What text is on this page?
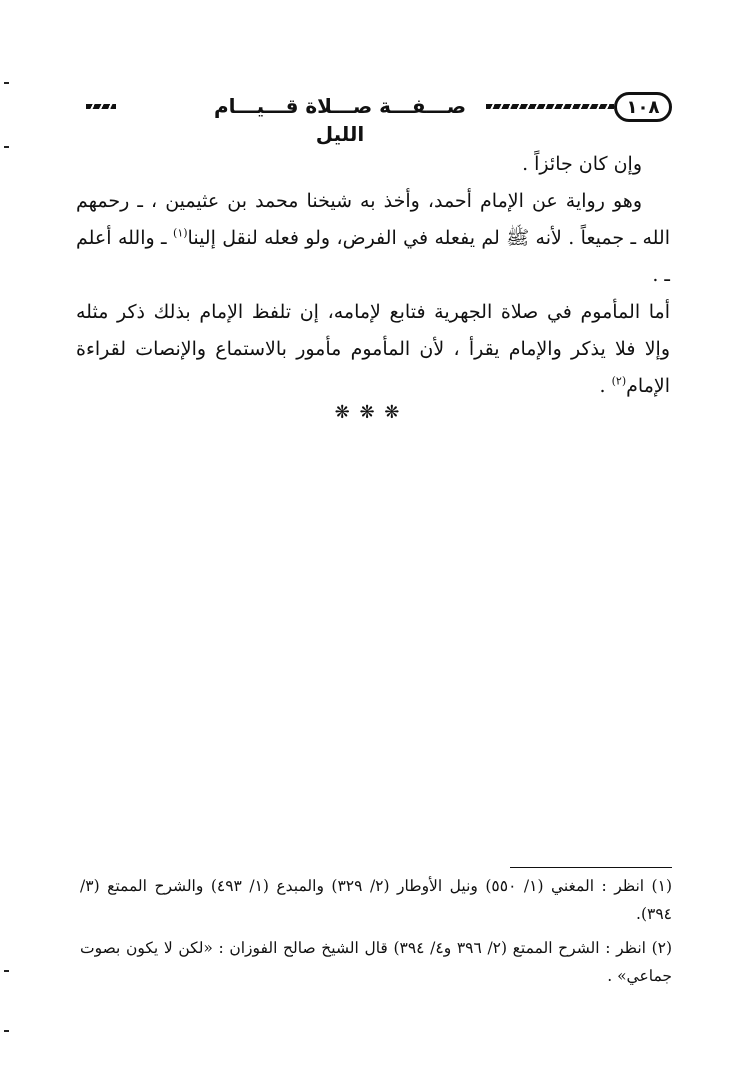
صـــفـــة صـــلاة قـــيـــام الليل
١٠٨

وإن كان جائزاً .

وهو رواية عن الإمام أحمد، وأخذ به شيخنا محمد بن عثيمين ، ـ رحمهم الله ـ جميعاً . لأنه ﷺ لم يفعله في الفرض، ولو فعله لنقل إلينا$^{(١)}$ ـ والله أعلم ـ .

أما المأموم في صلاة الجهرية فتابع لإمامه، إن تلفظ الإمام بذلك ذكر مثله وإلا فلا يذكر والإمام يقرأ ، لأن المأموم مأمور بالاستماع والإنصات لقراءة الإمام$^{(٢)}$ .

❋ ❋ ❋

(١) انظر : المغني (١/ ٥٥٠) ونيل الأوطار (٢/ ٣٢٩) والمبدع (١/ ٤٩٣) والشرح الممتع (٣/ ٣٩٤).

(٢) انظر : الشرح الممتع (٢/ ٣٩٦ و٤/ ٣٩٤) قال الشيخ صالح الفوزان : «لكن لا يكون بصوت جماعي» .
